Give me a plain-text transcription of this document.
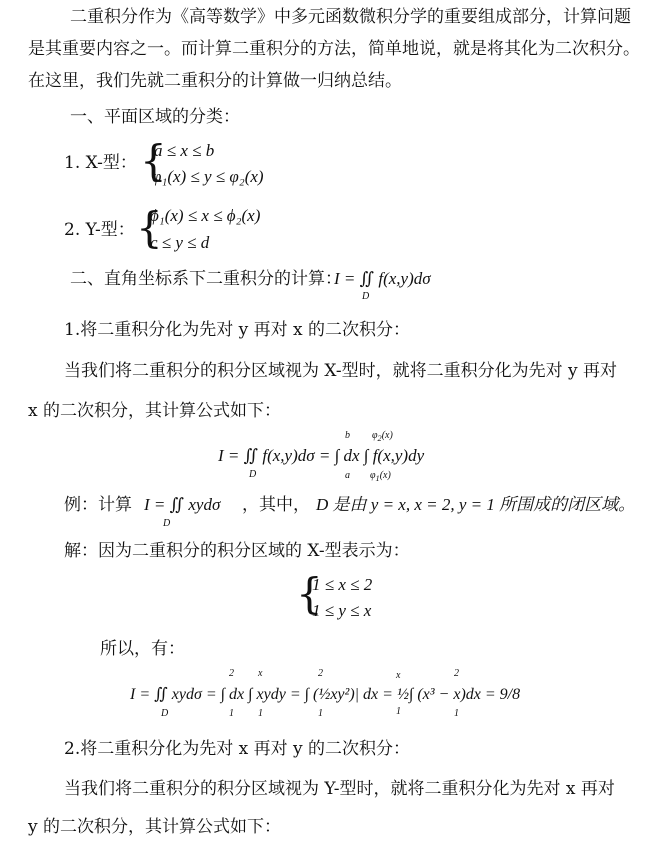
二重积分作为《高等数学》中多元函数微积分学的重要组成部分，计算问题
是其重要内容之一。而计算二重积分的方法，简单地说，就是将其化为二次积分。
在这里，我们先就二重积分的计算做一归纳总结。
一、平面区域的分类：
1. X-型： {
a ≤ x ≤ b
φ₁(x) ≤ y ≤ φ₂(x)
2. Y-型： {
ϕ₁(x) ≤ x ≤ ϕ₂(x)
c ≤ y ≤ d
二、直角坐标系下二重积分的计算：
I = ∬ f(x,y)dσ
D
1.将二重积分化为先对 y 再对 x 的二次积分：
当我们将二重积分的积分区域视为 X-型时，就将二重积分化为先对 y 再对
x 的二次积分，其计算公式如下：
b $\varphi_2(x)$
I = ∬ f(x,y)dσ = ∫ dx ∫ f(x,y)dy
D	a $\varphi_1(x)$
例：计算 I = ∬ xydσ
D
，其中， D 是由 y = x, x = 2, y = 1 所围成的闭区域。
解：因为二重积分的积分区域的 X-型表示为：
{
1 ≤ x ≤ 2
1 ≤ y ≤ x
所以，有：
2 x	2	x	2
I = ∬ xydσ = ∫ dx ∫ xydy = ∫ (½xy²)| dx = ½∫ (x³ − x)dx = 9/8
D	1 1	1	1	1
2.将二重积分化为先对 x 再对 y 的二次积分：
当我们将二重积分的积分区域视为 Y-型时，就将二重积分化为先对 x 再对
y 的二次积分，其计算公式如下：
